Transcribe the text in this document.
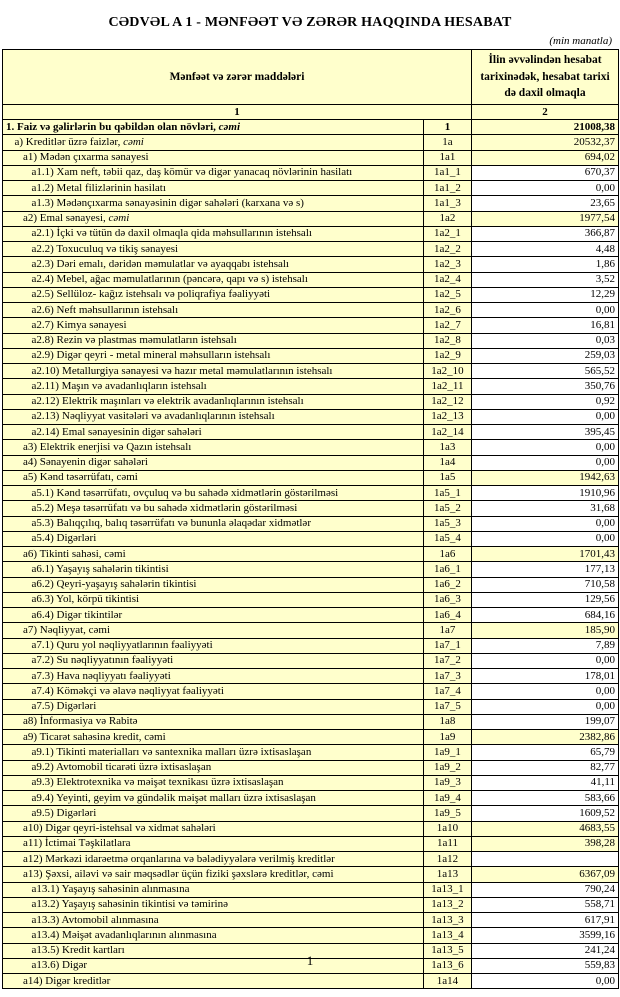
CƏDVƏL A 1 - MƏNFƏƏT VƏ ZƏRƏR HAQQINDA HESABAT
(min manatla)
Mənfəət və zərər maddələri		İlin əvvəlindən hesabat tarixinədək, hesabat tarixi də daxil olmaqla
1		2
1. Faiz və gəlirlərin bu qəbildən olan növləri, cəmi	1	21008,38
a) Kreditlər üzrə faizlər, cəmi	1a	20532,37
a1) Mədən çıxarma sənayesi	1a1	694,02
a1.1) Xam neft, təbii qaz, daş kömür və digər yanacaq növlərinin hasilatı	1a1_1	670,37
a1.2) Metal filizlərinin hasilatı	1a1_2	0,00
a1.3) Mədənçıxarma sənayəsinin digər sahələri (karxana və s)	1a1_3	23,65
a2) Emal sənayesi, cəmi	1a2	1977,54
a2.1) İçki və tütün də daxil olmaqla qida məhsullarının istehsalı	1a2_1	366,87
a2.2) Toxuculuq və tikiş sənayesi	1a2_2	4,48
a2.3) Dəri emalı, dəridən məmulatlar və ayaqqabı istehsalı	1a2_3	1,86
a2.4) Mebel, ağac məmulatlarının (pəncərə, qapı və s) istehsalı	1a2_4	3,52
a2.5) Sellüloz- kağız istehsalı və poliqrafiya fəaliyyəti	1a2_5	12,29
a2.6) Neft məhsullarının istehsalı	1a2_6	0,00
a2.7) Kimya sənayesi	1a2_7	16,81
a2.8) Rezin və plastmas məmulatların istehsalı	1a2_8	0,03
a2.9) Digər qeyri - metal mineral məhsulların istehsalı	1a2_9	259,03
a2.10) Metallurgiya sənayesi və hazır metal məmulatlarının istehsalı	1a2_10	565,52
a2.11) Maşın və avadanlıqların istehsalı	1a2_11	350,76
a2.12) Elektrik maşınları və elektrik avadanlıqlarının istehsalı	1a2_12	0,92
a2.13) Nəqliyyat vasitələri və avadanlıqlarının istehsalı	1a2_13	0,00
a2.14) Emal sənayesinin digər sahələri	1a2_14	395,45
a3) Elektrik enerjisi və Qazın istehsalı	1a3	0,00
a4) Sənayenin digər sahələri	1a4	0,00
a5) Kənd təsərrüfatı, cəmi	1a5	1942,63
a5.1) Kənd təsərrüfatı, ovçuluq və bu sahədə xidmətlərin göstərilməsi	1a5_1	1910,96
a5.2) Meşə təsərrüfatı və bu sahədə xidmətlərin göstərilməsi	1a5_2	31,68
a5.3) Balıqçılıq, balıq təsərrüfatı və bununla əlaqədar xidmətlər	1a5_3	0,00
a5.4) Digərləri	1a5_4	0,00
a6) Tikinti sahəsi, cəmi	1a6	1701,43
a6.1) Yaşayış sahələrin tikintisi	1a6_1	177,13
a6.2) Qeyri-yaşayış sahələrin tikintisi	1a6_2	710,58
a6.3) Yol, körpü tikintisi	1a6_3	129,56
a6.4) Digər tikintilər	1a6_4	684,16
a7) Nəqliyyat, cəmi	1a7	185,90
a7.1) Quru yol nəqliyyatlarının fəaliyyəti	1a7_1	7,89
a7.2) Su nəqliyyatının fəaliyyəti	1a7_2	0,00
a7.3) Hava nəqliyyatı fəaliyyəti	1a7_3	178,01
a7.4) Köməkçi və əlavə nəqliyyat fəaliyyəti	1a7_4	0,00
a7.5) Digərləri	1a7_5	0,00
a8) İnformasiya və Rabitə	1a8	199,07
a9) Ticarət sahəsinə kredit, cəmi	1a9	2382,86
a9.1) Tikinti materialları və santexnika malları üzrə ixtisaslaşan	1a9_1	65,79
a9.2) Avtomobil ticarəti üzrə ixtisaslaşan	1a9_2	82,77
a9.3) Elektrotexnika və məişət texnikası üzrə ixtisaslaşan	1a9_3	41,11
a9.4) Yeyinti, geyim və gündəlik məişət malları üzrə ixtisaslaşan	1a9_4	583,66
a9.5) Digərləri	1a9_5	1609,52
a10) Digər qeyri-istehsal və xidmət sahələri	1a10	4683,55
a11) İctimai Təşkilatlara	1a11	398,28
a12) Mərkəzi idarəetmə orqanlarına və bələdiyyələrə verilmiş kreditlər	1a12	
a13) Şəxsi, ailəvi və sair məqsədlər üçün fiziki şəxslərə kreditlər, cəmi	1a13	6367,09
a13.1) Yaşayış sahəsinin alınmasına	1a13_1	790,24
a13.2) Yaşayış sahəsinin tikintisi və təmirinə	1a13_2	558,71
a13.3) Avtomobil alınmasına	1a13_3	617,91
a13.4) Məişət avadanlıqlarının alınmasına	1a13_4	3599,16
a13.5) Kredit kartları	1a13_5	241,24
a13.6) Digər	1a13_6	559,83
a14) Digər kreditlər	1a14	0,00
1
